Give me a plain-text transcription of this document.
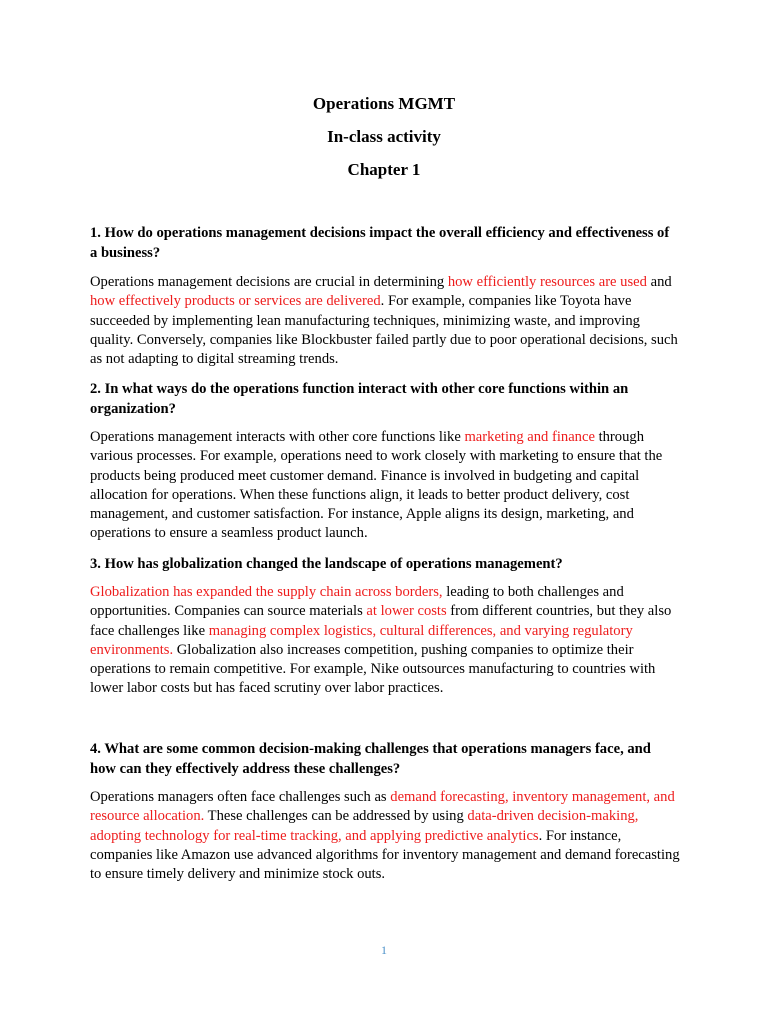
Operations MGMT
In-class activity
Chapter 1

1. How do operations management decisions impact the overall efficiency and effectiveness of a business?

Operations management decisions are crucial in determining how efficiently resources are used and how effectively products or services are delivered. For example, companies like Toyota have succeeded by implementing lean manufacturing techniques, minimizing waste, and improving quality. Conversely, companies like Blockbuster failed partly due to poor operational decisions, such as not adapting to digital streaming trends.

2. In what ways do the operations function interact with other core functions within an organization?

Operations management interacts with other core functions like marketing and finance through various processes. For example, operations need to work closely with marketing to ensure that the products being produced meet customer demand. Finance is involved in budgeting and capital allocation for operations. When these functions align, it leads to better product delivery, cost management, and customer satisfaction. For instance, Apple aligns its design, marketing, and operations to ensure a seamless product launch.

3. How has globalization changed the landscape of operations management?

Globalization has expanded the supply chain across borders, leading to both challenges and opportunities. Companies can source materials at lower costs from different countries, but they also face challenges like managing complex logistics, cultural differences, and varying regulatory environments. Globalization also increases competition, pushing companies to optimize their operations to remain competitive. For example, Nike outsources manufacturing to countries with lower labor costs but has faced scrutiny over labor practices.

4. What are some common decision-making challenges that operations managers face, and how can they effectively address these challenges?

Operations managers often face challenges such as demand forecasting, inventory management, and resource allocation. These challenges can be addressed by using data-driven decision-making, adopting technology for real-time tracking, and applying predictive analytics. For instance, companies like Amazon use advanced algorithms for inventory management and demand forecasting to ensure timely delivery and minimize stock outs.

1
